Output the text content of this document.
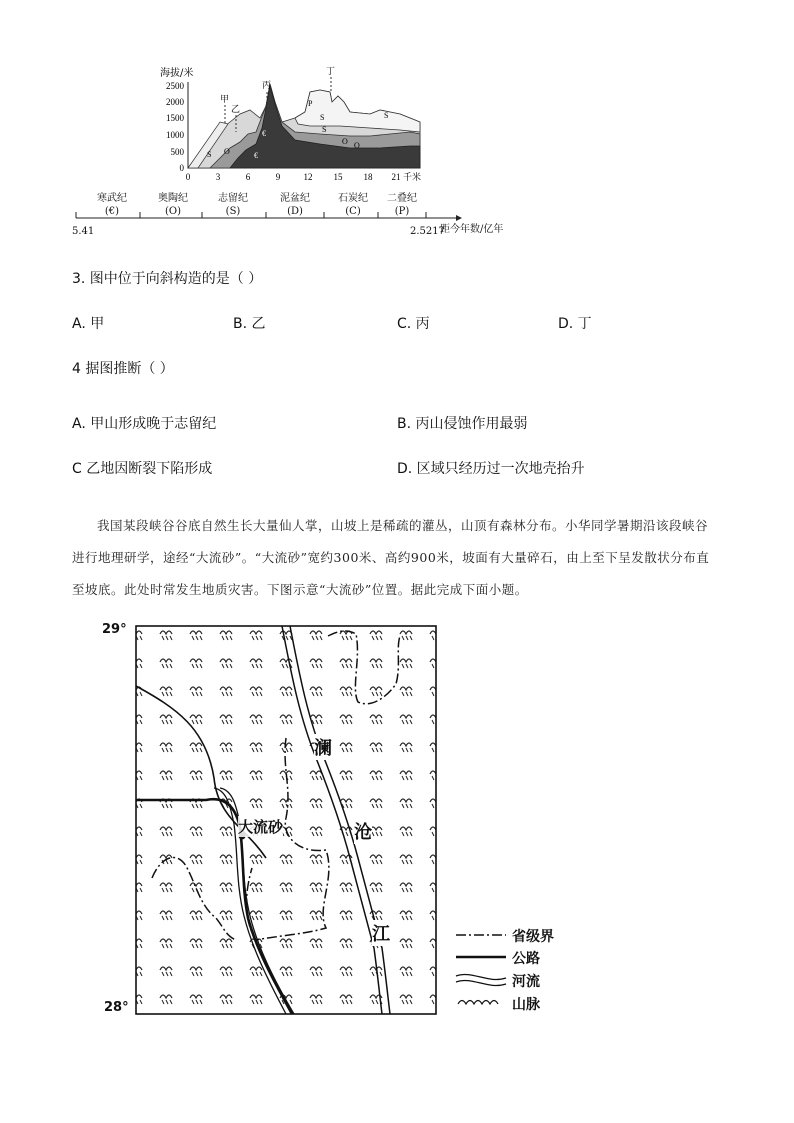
海拔/米
2500
2000
1500
1000
500
0
S O
€
€
S
S
P
O O
S
甲
乙
丙
丁
0	3	6	9	12 15 18 21 千米
寒武纪
(€)
奥陶纪
(O)
志留纪
(S)
泥盆纪
(D)
石炭纪
(C)
二叠纪
(P)
5.41	2.5217
距今年数/亿年
3. 图中位于向斜构造的是（ ）
A. 甲	B. 乙	C. 丙	D. 丁
4 据图推断（ ）
A. 甲山形成晚于志留纪	B. 丙山侵蚀作用最弱
C 乙地因断裂下陷形成	D. 区域只经历过一次地壳抬升
我国某段峡谷谷底自然生长大量仙人掌，山坡上是稀疏的灌丛，山顶有森林分布。小华同学暑期沿该段峡谷进行地理研学，途经“大流砂”。“大流砂”宽约300米、高约900米，坡面有大量碎石，由上至下呈发散状分布直至坡底。此处时常发生地质灾害。下图示意“大流砂”位置。据此完成下面小题。
29°
28°
大流砂
澜
沧
江	省级界
公路
河流
山脉
